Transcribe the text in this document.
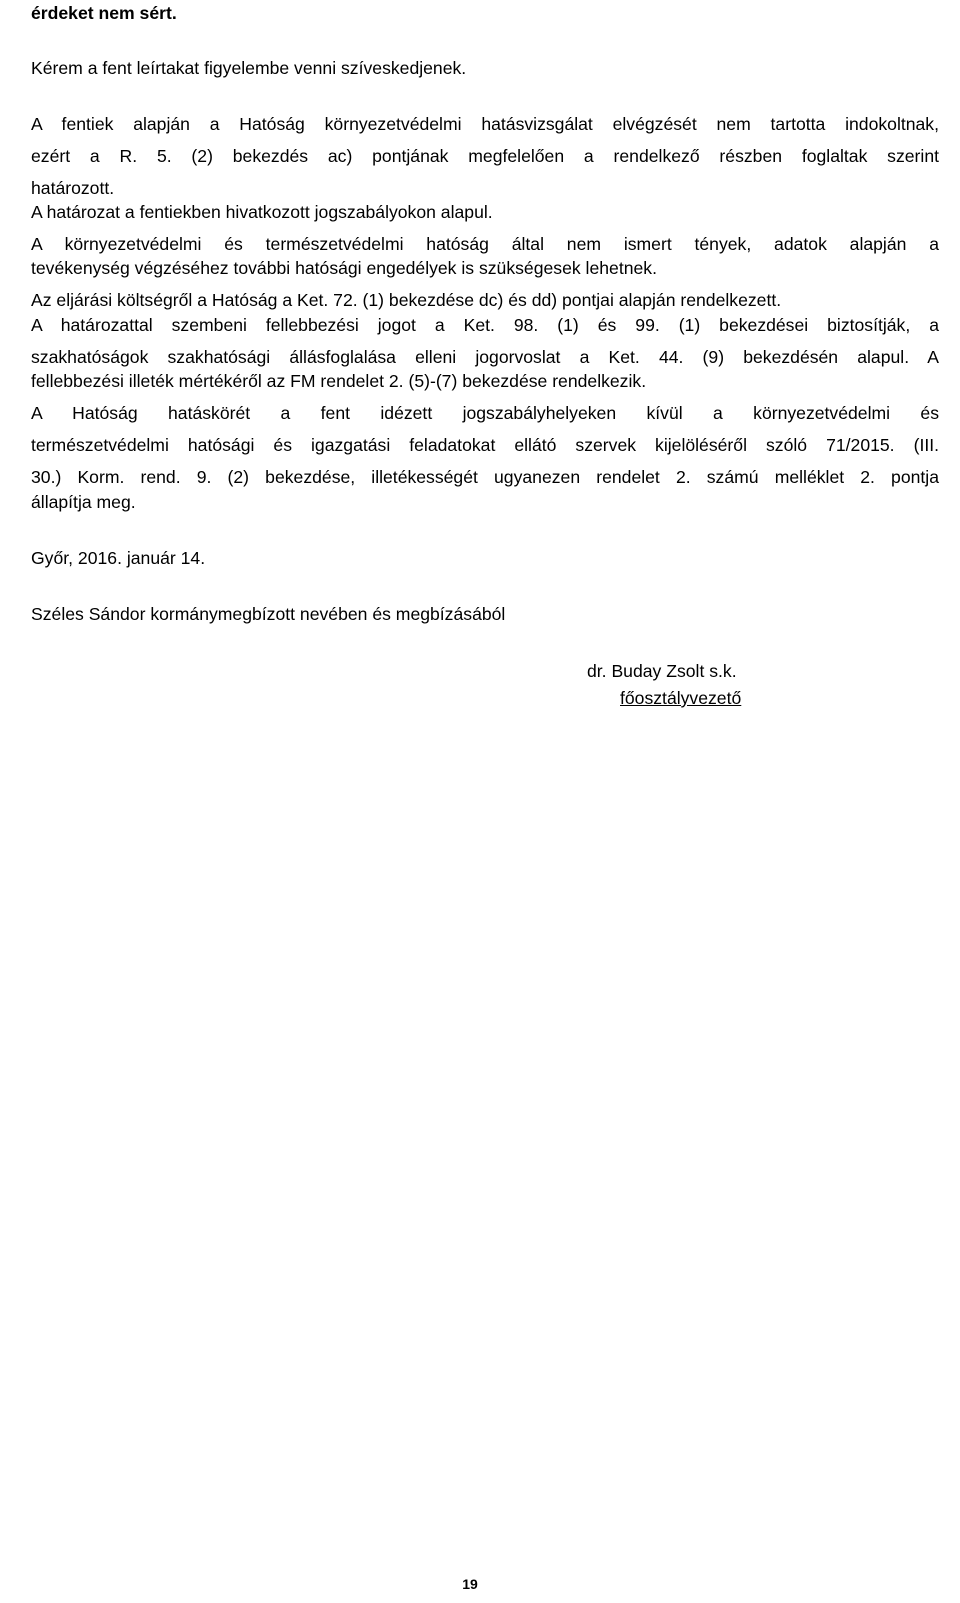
érdeket nem sért.
Kérem a fent leírtakat figyelembe venni szíveskedjenek.
A fentiek alapján a Hatóság környezetvédelmi hatásvizsgálat elvégzését nem tartotta indokoltnak,
ezért a R. 5. (2) bekezdés ac) pontjának megfelelően a rendelkező részben foglaltak szerint
határozott.
A határozat a fentiekben hivatkozott jogszabályokon alapul.
A környezetvédelmi és természetvédelmi hatóság által nem ismert tények, adatok alapján a
tevékenység végzéséhez további hatósági engedélyek is szükségesek lehetnek.
Az eljárási költségről a Hatóság a Ket. 72. (1) bekezdése dc) és dd) pontjai alapján rendelkezett.
A határozattal szembeni fellebbezési jogot a Ket. 98. (1) és 99. (1) bekezdései biztosítják, a
szakhatóságok szakhatósági állásfoglalása elleni jogorvoslat a Ket. 44. (9) bekezdésén alapul. A
fellebbezési illeték mértékéről az FM rendelet 2. (5)-(7) bekezdése rendelkezik.
A Hatóság hatáskörét a fent idézett jogszabályhelyeken kívül a környezetvédelmi és
természetvédelmi hatósági és igazgatási feladatokat ellátó szervek kijelöléséről szóló 71/2015. (III.
30.) Korm. rend. 9. (2) bekezdése, illetékességét ugyanezen rendelet 2. számú melléklet 2. pontja
állapítja meg.
Győr, 2016. január 14.
Széles Sándor kormánymegbízott nevében és megbízásából
dr. Buday Zsolt s.k.
főosztályvezető
19
